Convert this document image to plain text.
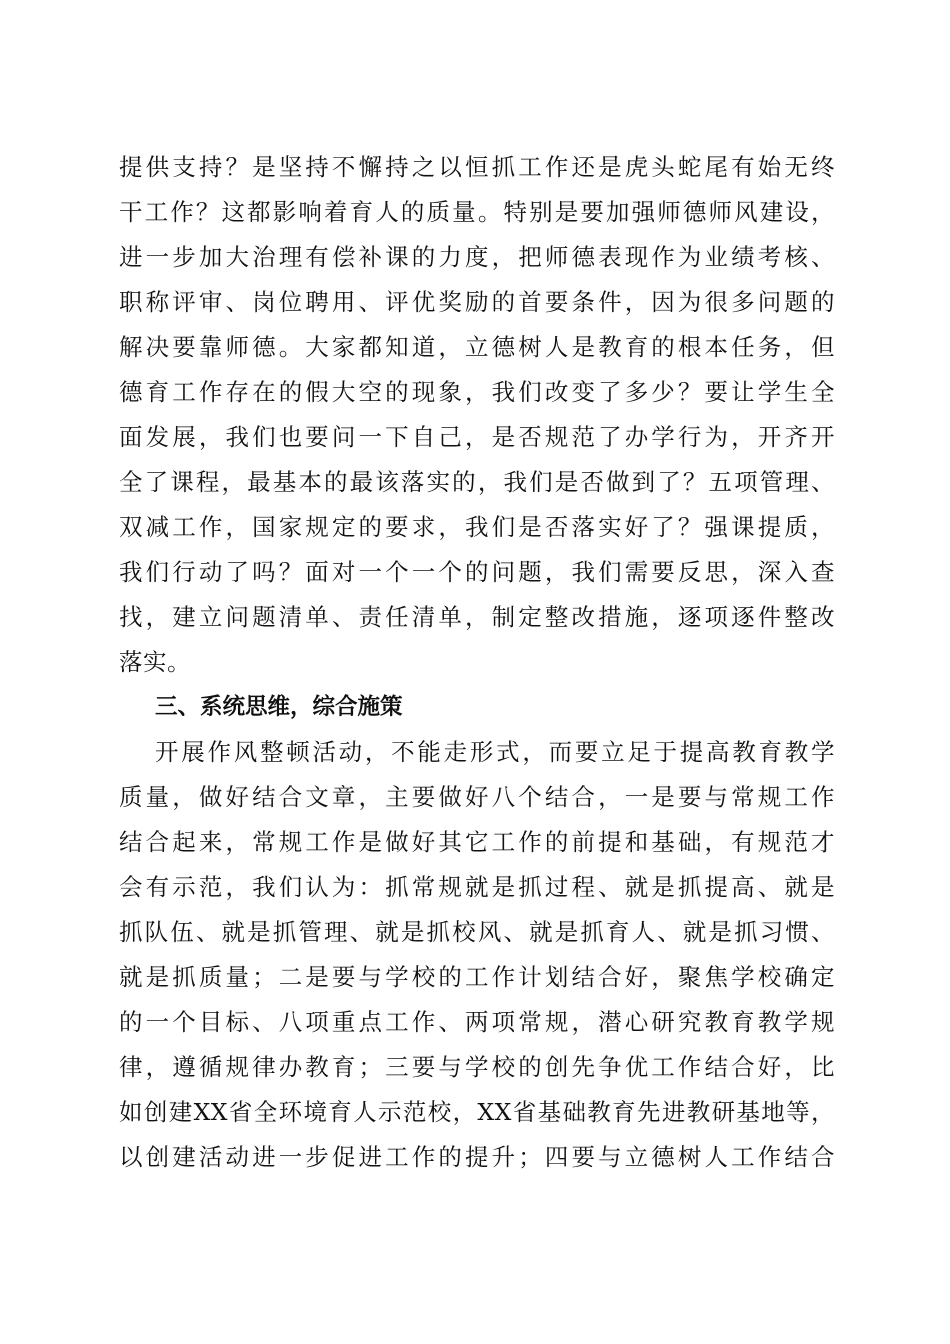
提供支持？是坚持不懈持之以恒抓工作还是虎头蛇尾有始无终
干工作？这都影响着育人的质量。特别是要加强师德师风建设，
进一步加大治理有偿补课的力度，把师德表现作为业绩考核、
职称评审、岗位聘用、评优奖励的首要条件，因为很多问题的
解决要靠师德。大家都知道，立德树人是教育的根本任务，但
德育工作存在的假大空的现象，我们改变了多少？要让学生全
面发展，我们也要问一下自己，是否规范了办学行为，开齐开
全了课程，最基本的最该落实的，我们是否做到了？五项管理、
双减工作，国家规定的要求，我们是否落实好了？强课提质，
我们行动了吗？面对一个一个的问题，我们需要反思，深入查
找，建立问题清单、责任清单，制定整改措施，逐项逐件整改
落实。
三、系统思维，综合施策
开展作风整顿活动，不能走形式，而要立足于提高教育教学
质量，做好结合文章，主要做好八个结合，一是要与常规工作
结合起来，常规工作是做好其它工作的前提和基础，有规范才
会有示范，我们认为：抓常规就是抓过程、就是抓提高、就是
抓队伍、就是抓管理、就是抓校风、就是抓育人、就是抓习惯、
就是抓质量；二是要与学校的工作计划结合好，聚焦学校确定
的一个目标、八项重点工作、两项常规，潜心研究教育教学规
律，遵循规律办教育；三要与学校的创先争优工作结合好，比
如创建XX省全环境育人示范校，XX省基础教育先进教研基地等，
以创建活动进一步促进工作的提升；四要与立德树人工作结合
